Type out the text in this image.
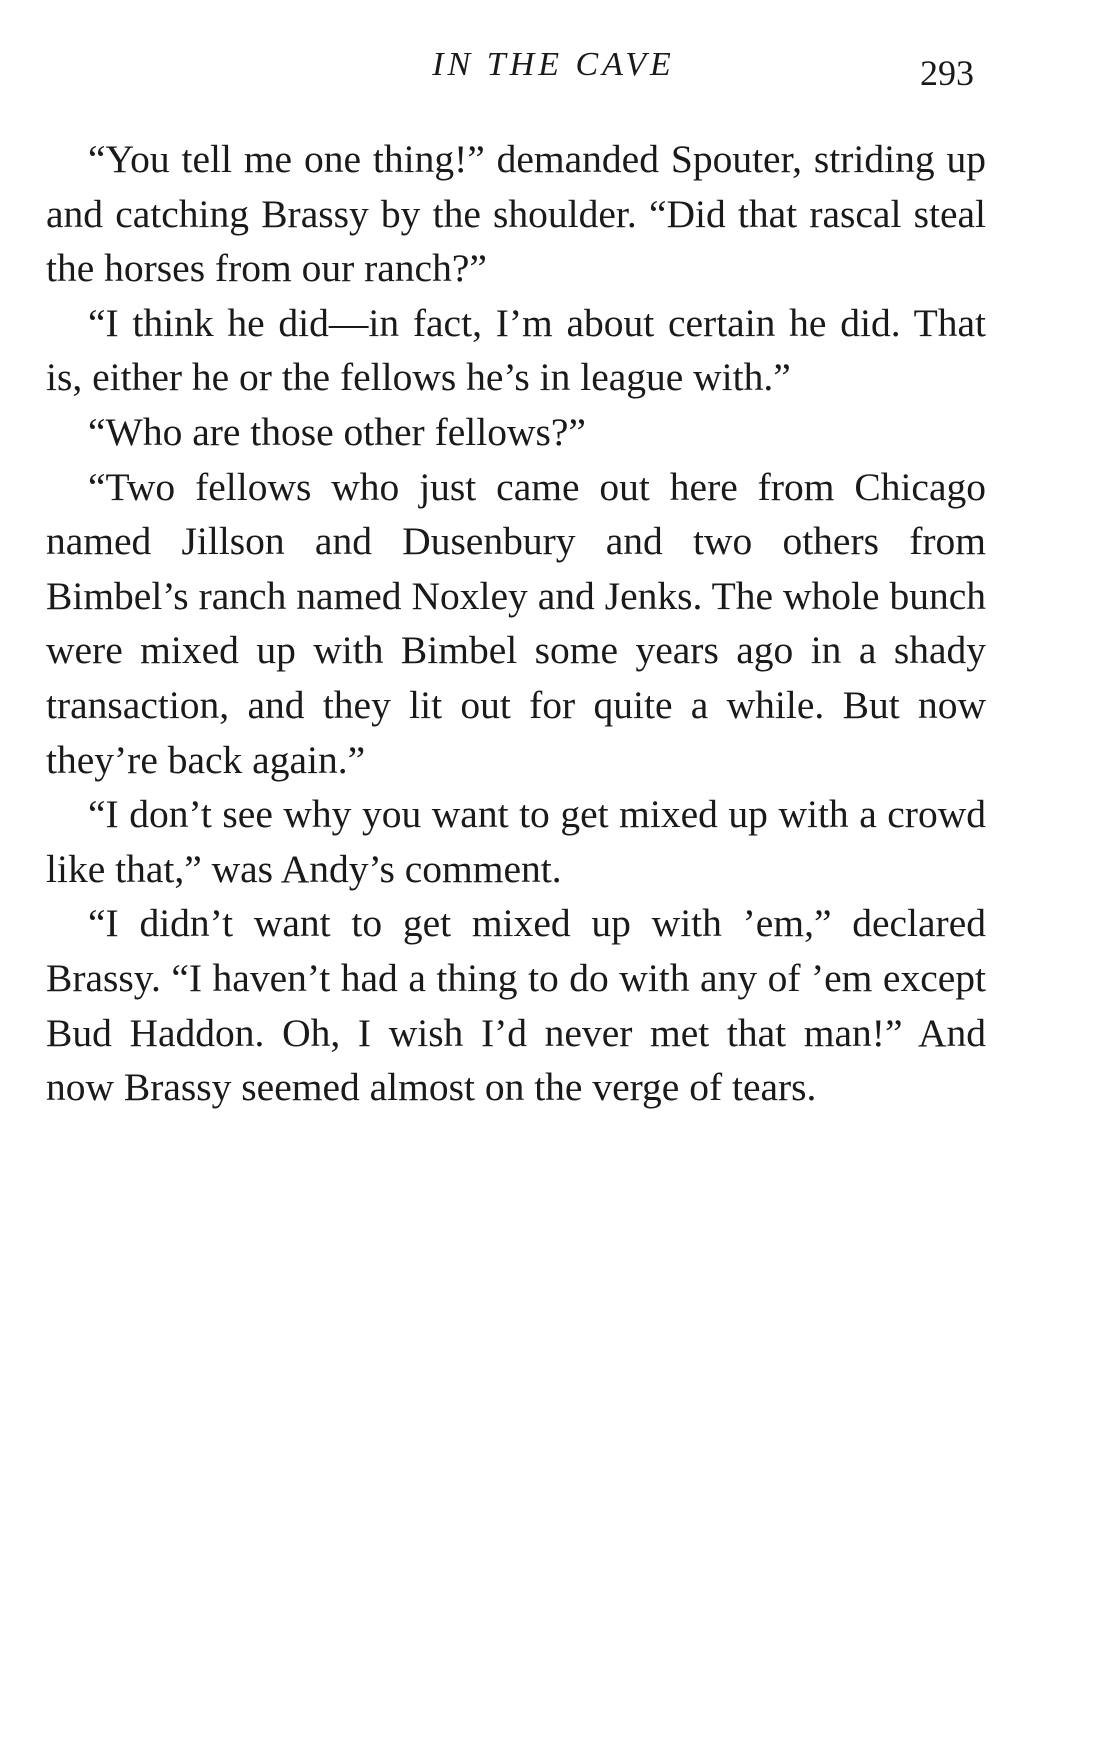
IN THE CAVE	293

“You tell me one thing!” demanded Spouter, striding up and catching Brassy by the shoulder. “Did that rascal steal the horses from our ranch?”

“I think he did—in fact, I’m about certain he did. That is, either he or the fellows he’s in league with.”

“Who are those other fellows?”

“Two fellows who just came out here from Chicago named Jillson and Dusenbury and two others from Bimbel’s ranch named Noxley and Jenks. The whole bunch were mixed up with Bimbel some years ago in a shady transaction, and they lit out for quite a while. But now they’re back again.”

“I don’t see why you want to get mixed up with a crowd like that,” was Andy’s comment.

“I didn’t want to get mixed up with ’em,” declared Brassy. “I haven’t had a thing to do with any of ’em except Bud Haddon. Oh, I wish I’d never met that man!” And now Brassy seemed almost on the verge of tears.
